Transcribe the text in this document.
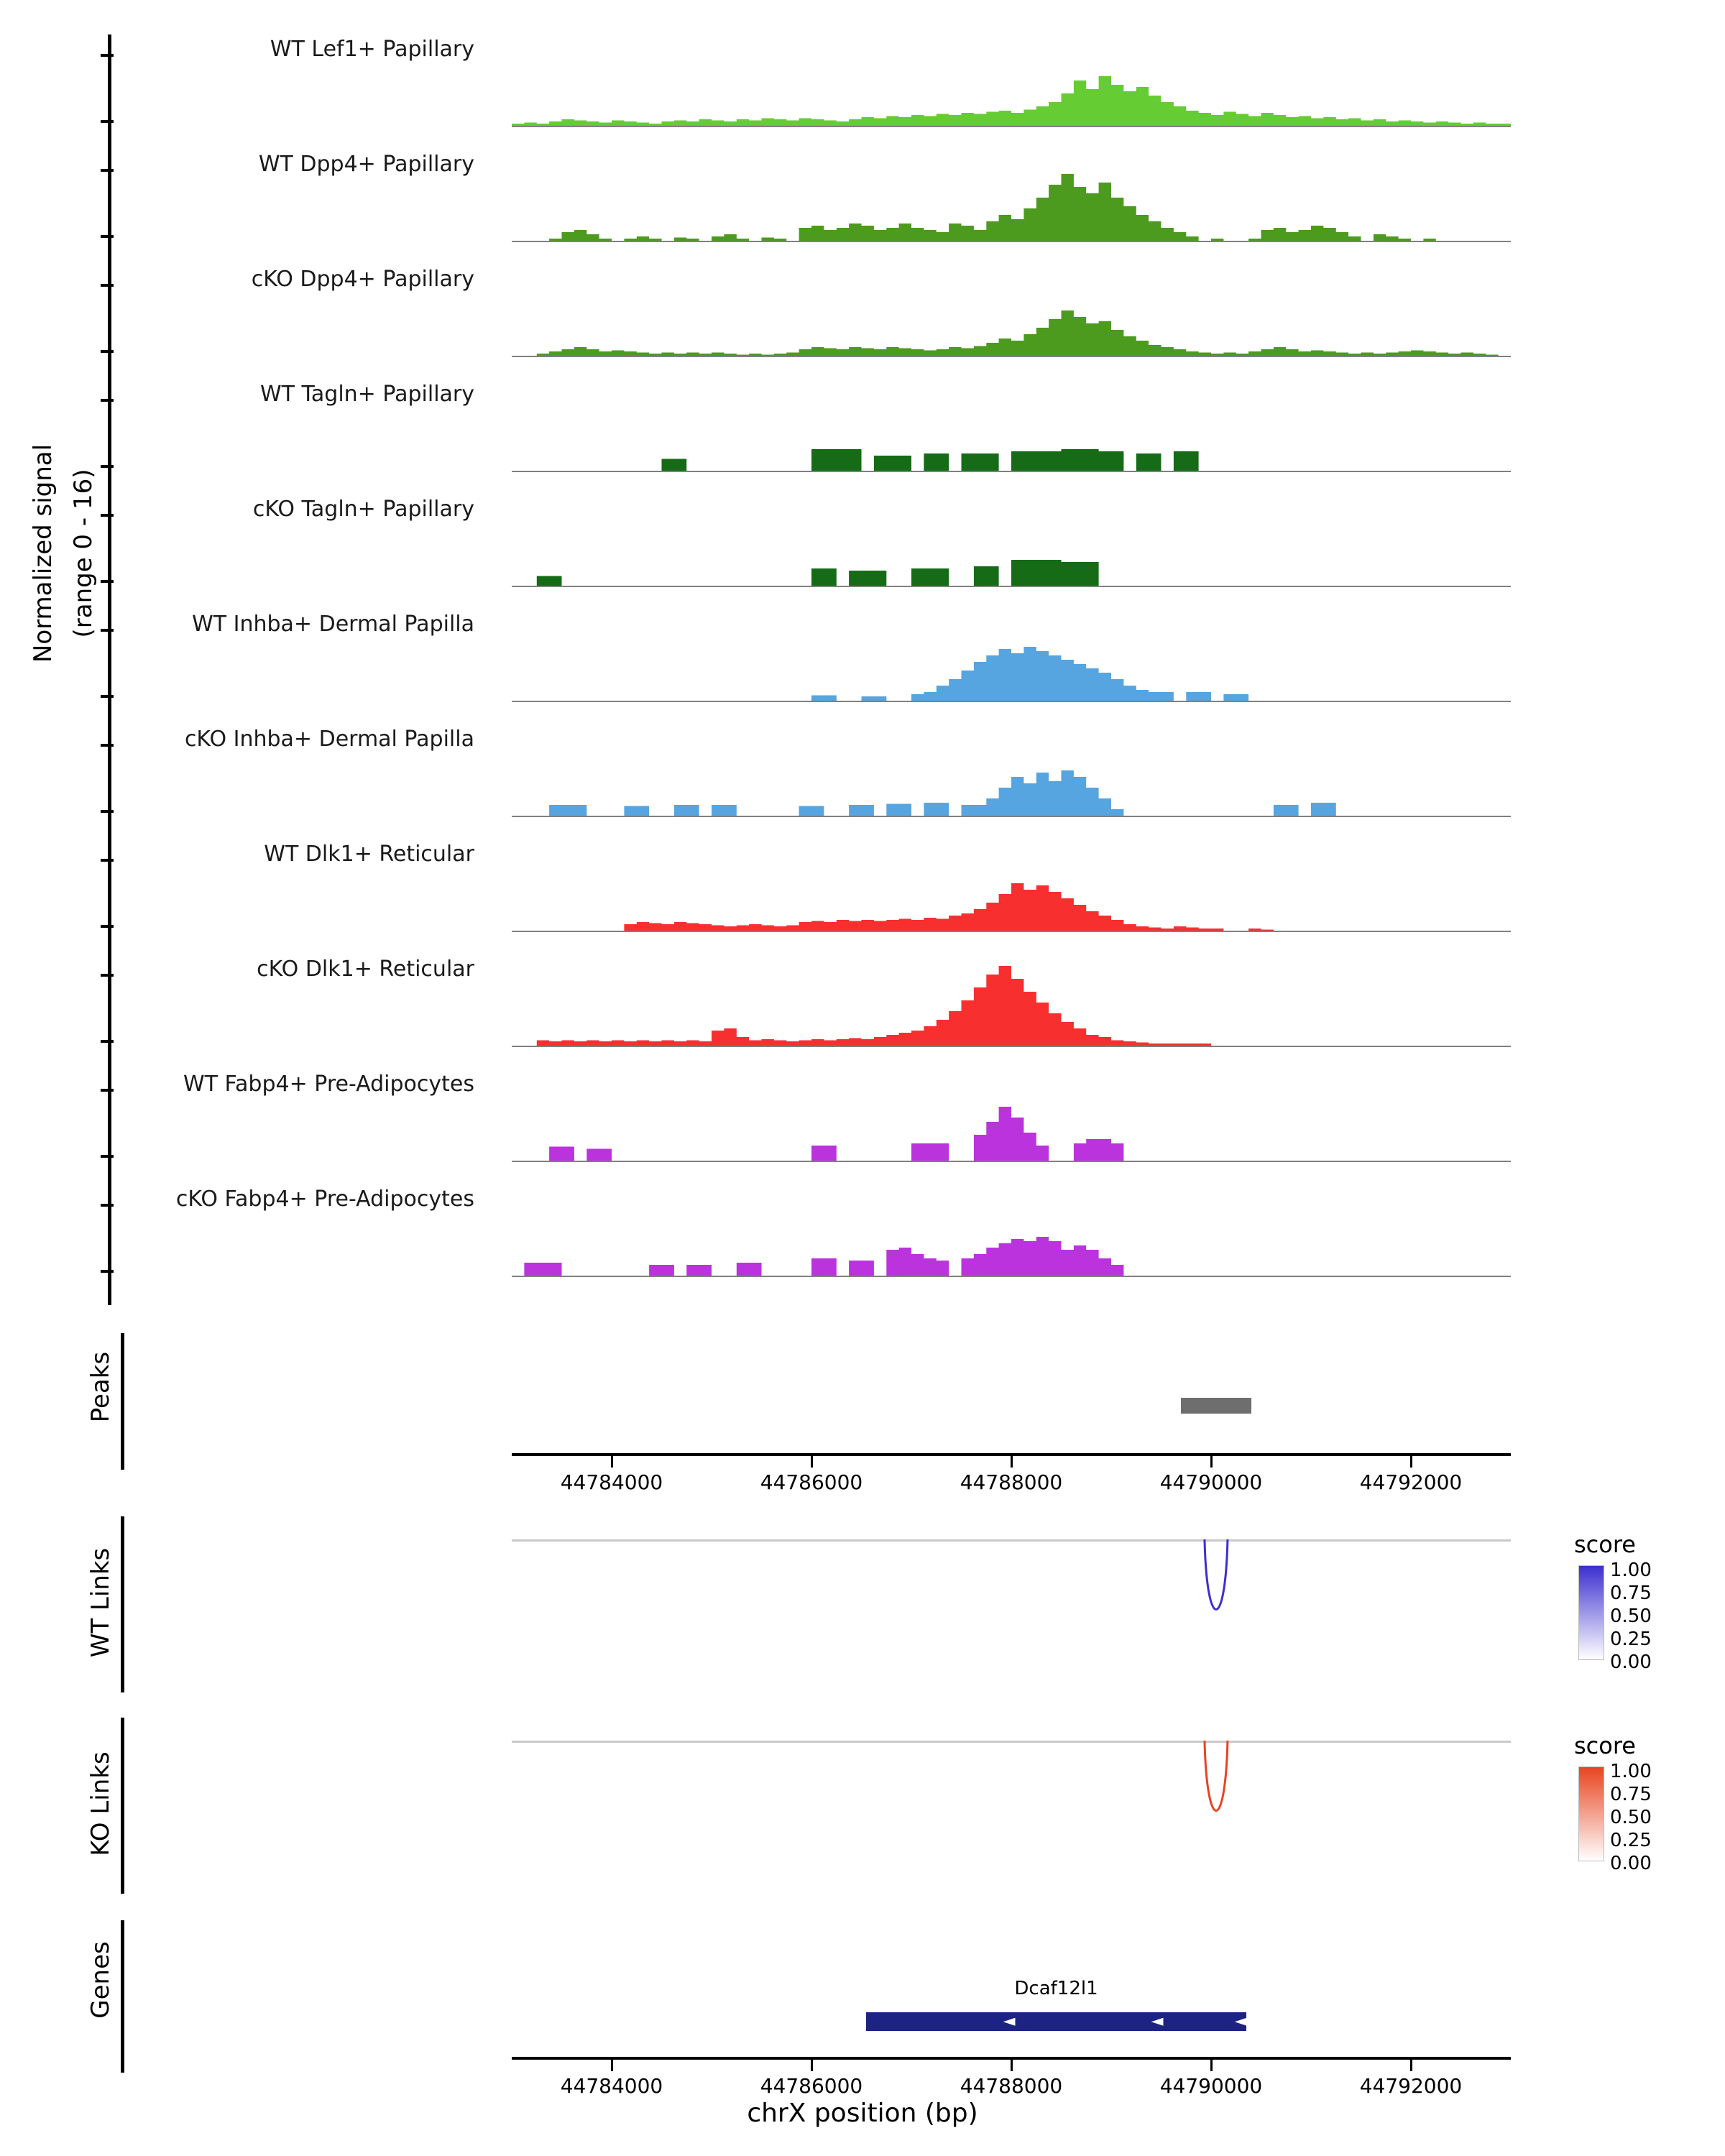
Normalized signal (range 0 - 16)
WT Lef1+ Papillary
WT Dpp4+ Papillary
cKO Dpp4+ Papillary
WT Tagln+ Papillary
cKO Tagln+ Papillary
WT Inhba+ Dermal Papilla
cKO Inhba+ Dermal Papilla
WT Dlk1+ Reticular
cKO Dlk1+ Reticular
WT Fabp4+ Pre-Adipocytes
cKO Fabp4+ Pre-Adipocytes
Peaks
44784000	44786000	44788000	44790000	44792000
WT Links
KO Links
Genes	Dcaf12l1
◄	◄	◄
44784000	44786000	44788000	44790000	44792000
chrX position (bp)
score
1.00
0.75
0.50
0.25
0.00
score
1.00
0.75
0.50
0.25
0.00
